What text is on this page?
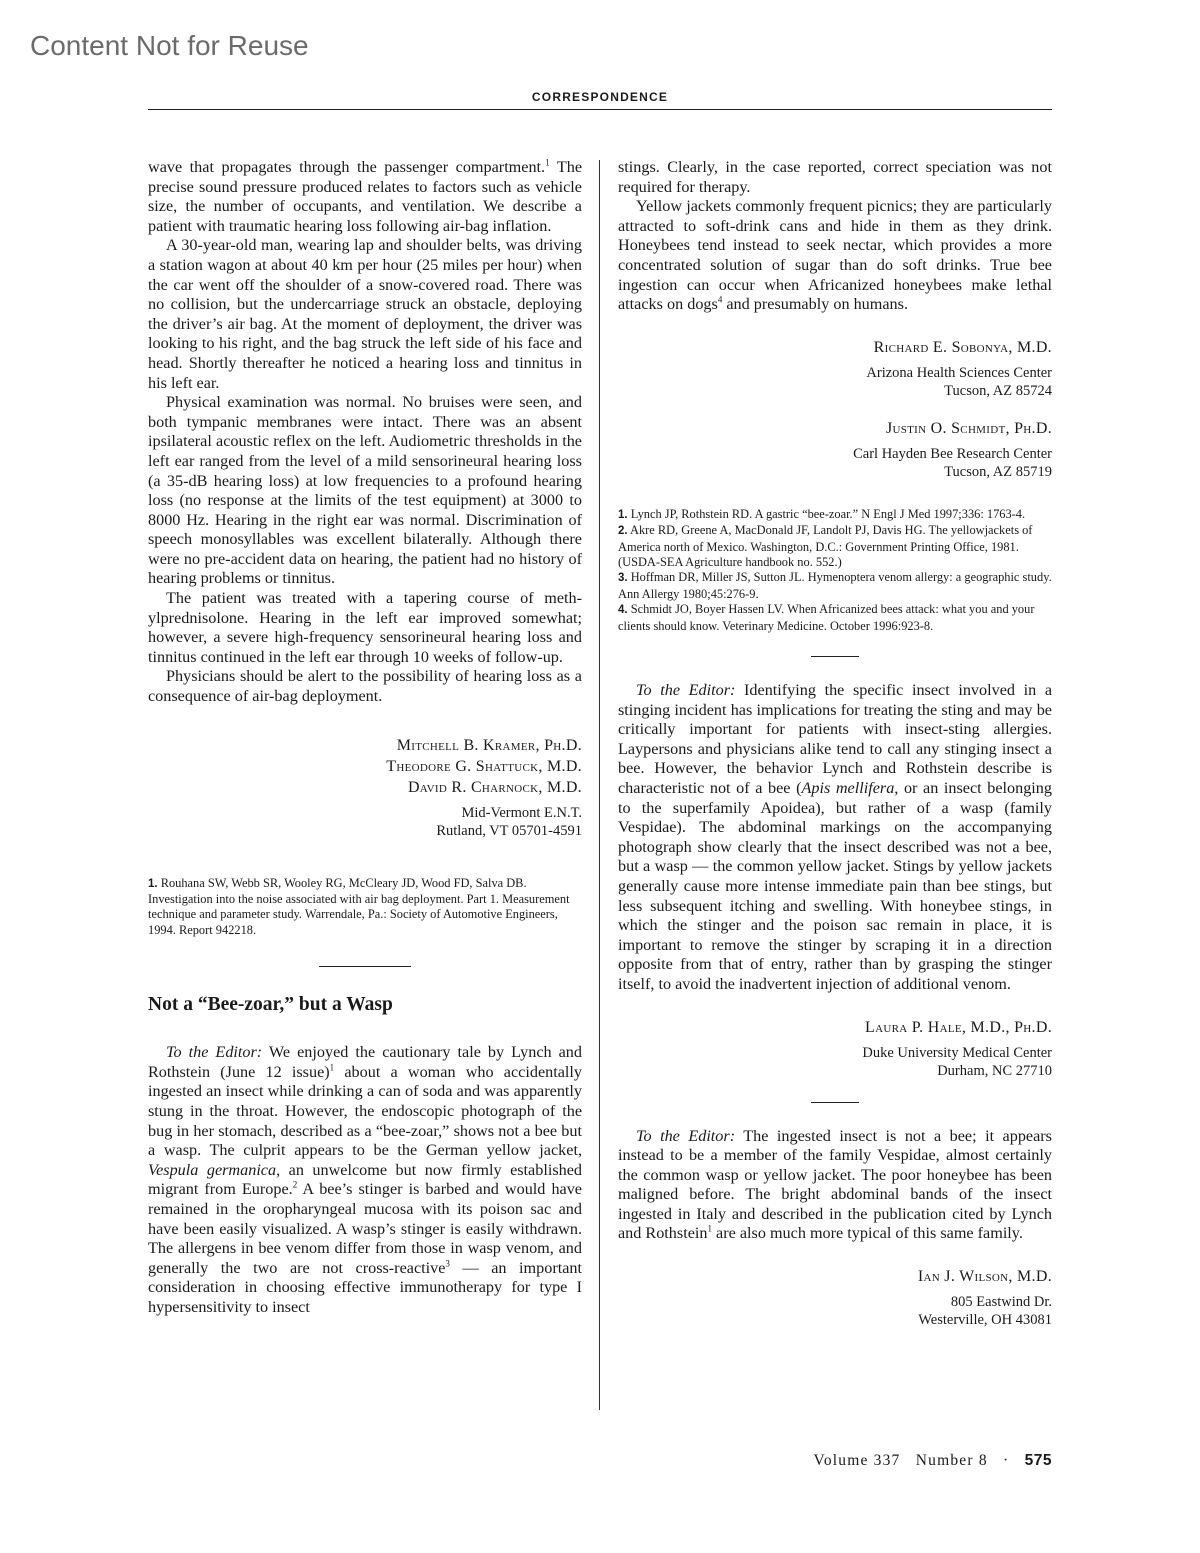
Content Not for Reuse
CORRESPONDENCE

wave that propagates through the passenger compartment.$^1$ The precise sound pressure produced relates to factors such as vehicle size, the number of occupants, and ventilation. We describe a patient with traumatic hearing loss following air-bag inflation.

A 30-year-old man, wearing lap and shoulder belts, was driving a station wagon at about 40 km per hour (25 miles per hour) when the car went off the shoulder of a snow-covered road. There was no collision, but the undercarriage struck an obstacle, deploying the driver’s air bag. At the moment of deployment, the driver was looking to his right, and the bag struck the left side of his face and head. Shortly thereafter he noticed a hearing loss and tinnitus in his left ear.

Physical examination was normal. No bruises were seen, and both tympanic membranes were intact. There was an absent ipsilateral acoustic reflex on the left. Audiometric thresholds in the left ear ranged from the level of a mild sensorineural hearing loss (a 35-dB hearing loss) at low frequencies to a profound hearing loss (no response at the limits of the test equipment) at 3000 to 8000 Hz. Hearing in the right ear was normal. Discrimination of speech monosyllables was excellent bilaterally. Although there were no pre-accident data on hearing, the patient had no history of hearing problems or tinnitus.

The patient was treated with a tapering course of methylprednisolone. Hearing in the left ear improved somewhat; however, a severe high-frequency sensorineural hearing loss and tinnitus continued in the left ear through 10 weeks of follow-up.

Physicians should be alert to the possibility of hearing loss as a consequence of air-bag deployment.

Mitchell B. Kramer, Ph.D.
Theodore G. Shattuck, M.D.
David R. Charnock, M.D.
Mid-Vermont E.N.T.
Rutland, VT 05701-4591

1. Rouhana SW, Webb SR, Wooley RG, McCleary JD, Wood FD, Salva DB. Investigation into the noise associated with air bag deployment. Part 1. Measurement technique and parameter study. Warrendale, Pa.: Society of Automotive Engineers, 1994. Report 942218.

Not a “Bee-zoar,” but a Wasp

To the Editor: We enjoyed the cautionary tale by Lynch and Rothstein (June 12 issue)$^1$ about a woman who accidentally ingested an insect while drinking a can of soda and was apparently stung in the throat. However, the endoscopic photograph of the bug in her stomach, described as a “bee-zoar,” shows not a bee but a wasp. The culprit appears to be the German yellow jacket, Vespula germanica, an unwelcome but now firmly established migrant from Europe.$^2$ A bee’s stinger is barbed and would have remained in the oropharyngeal mucosa with its poison sac and have been easily visualized. A wasp’s stinger is easily withdrawn. The allergens in bee venom differ from those in wasp venom, and generally the two are not cross-reactive$^3$ — an important consideration in choosing effective immunotherapy for type I hypersensitivity to insect

stings. Clearly, in the case reported, correct speciation was not required for therapy.

Yellow jackets commonly frequent picnics; they are particularly attracted to soft-drink cans and hide in them as they drink. Honeybees tend instead to seek nectar, which provides a more concentrated solution of sugar than do soft drinks. True bee ingestion can occur when Africanized honeybees make lethal attacks on dogs$^4$ and presumably on humans.

Richard E. Sobonya, M.D.
Arizona Health Sciences Center
Tucson, AZ 85724
Justin O. Schmidt, Ph.D.
Carl Hayden Bee Research Center
Tucson, AZ 85719

1. Lynch JP, Rothstein RD. A gastric “bee-zoar.” N Engl J Med 1997;336: 1763-4.

2. Akre RD, Greene A, MacDonald JF, Landolt PJ, Davis HG. The yellowjackets of America north of Mexico. Washington, D.C.: Government Printing Office, 1981. (USDA-SEA Agriculture handbook no. 552.)

3. Hoffman DR, Miller JS, Sutton JL. Hymenoptera venom allergy: a geographic study. Ann Allergy 1980;45:276-9.

4. Schmidt JO, Boyer Hassen LV. When Africanized bees attack: what you and your clients should know. Veterinary Medicine. October 1996:923-8.

To the Editor: Identifying the specific insect involved in a stinging incident has implications for treating the sting and may be critically important for patients with insect-sting allergies. Laypersons and physicians alike tend to call any stinging insect a bee. However, the behavior Lynch and Rothstein describe is characteristic not of a bee (Apis mellifera, or an insect belonging to the superfamily Apoidea), but rather of a wasp (family Vespidae). The abdominal markings on the accompanying photograph show clearly that the insect described was not a bee, but a wasp — the common yellow jacket. Stings by yellow jackets generally cause more intense immediate pain than bee stings, but less subsequent itching and swelling. With honeybee stings, in which the stinger and the poison sac remain in place, it is important to remove the stinger by scraping it in a direction opposite from that of entry, rather than by grasping the stinger itself, to avoid the inadvertent injection of additional venom.

Laura P. Hale, M.D., Ph.D.
Duke University Medical Center
Durham, NC 27710

To the Editor: The ingested insect is not a bee; it appears instead to be a member of the family Vespidae, almost certainly the common wasp or yellow jacket. The poor honeybee has been maligned before. The bright abdominal bands of the insect ingested in Italy and described in the publication cited by Lynch and Rothstein$^1$ are also much more typical of this same family.

Ian J. Wilson, M.D.
805 Eastwind Dr.
Westerville, OH 43081
Volume 337 Number 8 · 575
